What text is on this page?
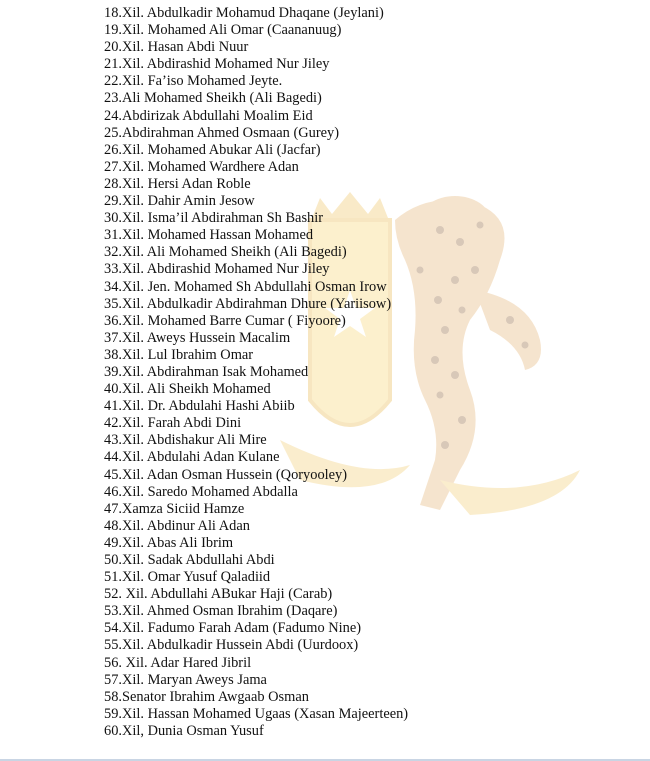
18.Xil. Abdulkadir Mohamud Dhaqane (Jeylani)
19.Xil. Mohamed Ali Omar (Caananuug)
20.Xil. Hasan Abdi Nuur
21.Xil. Abdirashid Mohamed Nur Jiley
22.Xil. Fa’iso Mohamed Jeyte.
23.Ali Mohamed Sheikh (Ali Bagedi)
24.Abdirizak Abdullahi Moalim Eid
25.Abdirahman Ahmed Osmaan (Gurey)
26.Xil. Mohamed Abukar Ali (Jacfar)
27.Xil. Mohamed Wardhere Adan
28.Xil. Hersi Adan Roble
29.Xil. Dahir Amin Jesow
30.Xil. Isma’il Abdirahman Sh Bashir
31.Xil. Mohamed Hassan Mohamed
32.Xil. Ali Mohamed Sheikh (Ali Bagedi)
33.Xil. Abdirashid Mohamed Nur Jiley
34.Xil. Jen. Mohamed Sh Abdullahi Osman Irow
35.Xil. Abdulkadir Abdirahman Dhure (Yariisow)
36.Xil. Mohamed Barre Cumar ( Fiyoore)
37.Xil. Aweys Hussein Macalim
38.Xil. Lul Ibrahim Omar
39.Xil. Abdirahman Isak Mohamed
40.Xil. Ali Sheikh Mohamed
41.Xil. Dr. Abdulahi Hashi Abiib
42.Xil. Farah Abdi Dini
43.Xil. Abdishakur Ali Mire
44.Xil. Abdulahi Adan Kulane
45.Xil. Adan Osman Hussein (Qoryooley)
46.Xil. Saredo Mohamed Abdalla
47.Xamza Siciid Hamze
48.Xil. Abdinur Ali Adan
49.Xil. Abas Ali Ibrim
50.Xil. Sadak Abdullahi Abdi
51.Xil. Omar Yusuf Qaladiid
52. Xil. Abdullahi ABukar Haji (Carab)
53.Xil. Ahmed Osman Ibrahim (Daqare)
54.Xil. Fadumo Farah Adam (Fadumo Nine)
55.Xil. Abdulkadir Hussein Abdi (Uurdoox)
56. Xil. Adar Hared Jibril
57.Xil. Maryan Aweys Jama
58.Senator Ibrahim Awgaab Osman
59.Xil. Hassan Mohamed Ugaas (Xasan Majeerteen)
60.Xil, Dunia Osman Yusuf
